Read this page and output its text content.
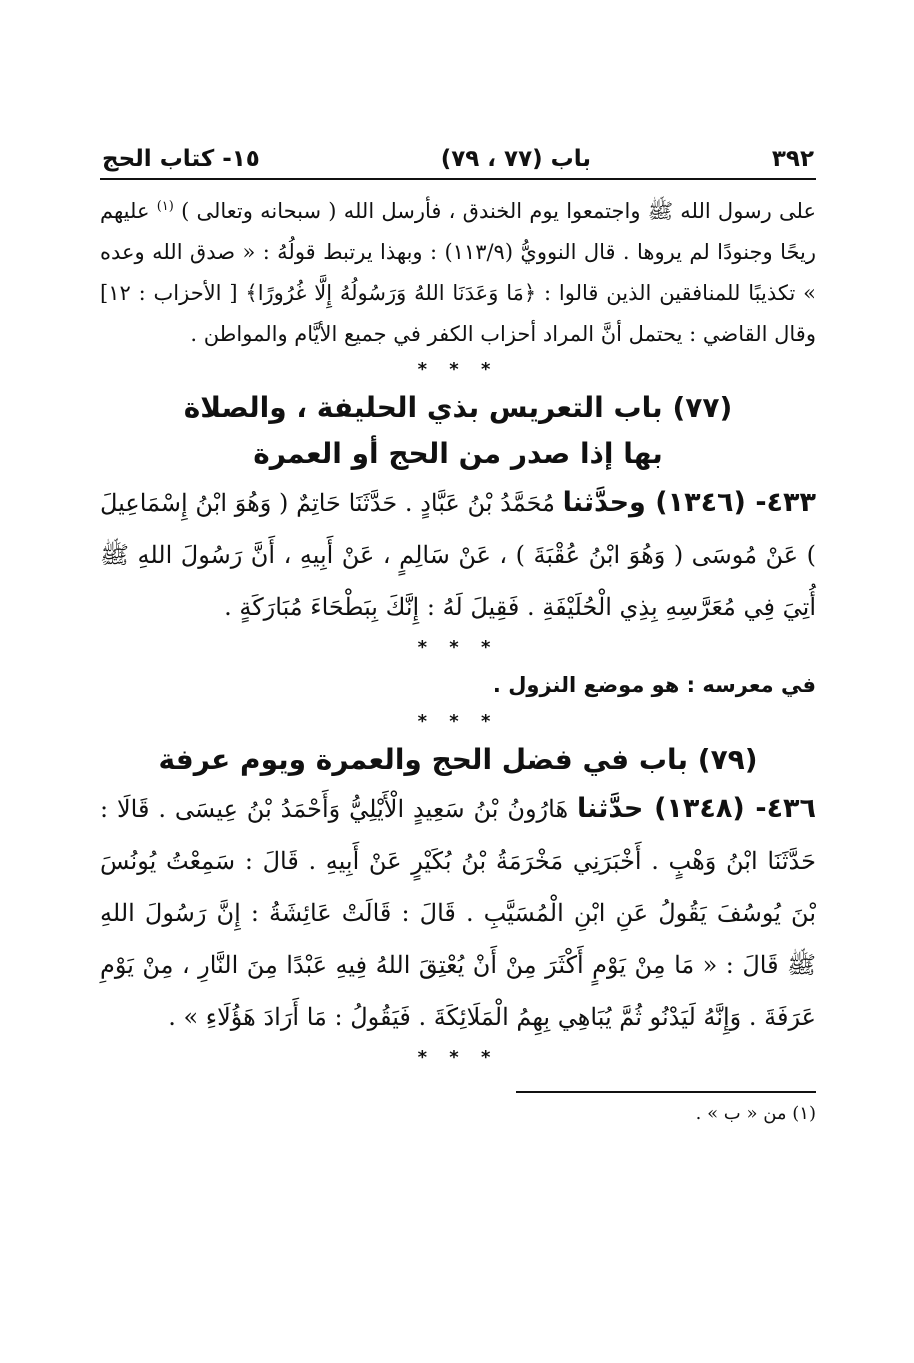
٣٩٢
باب (٧٧ ، ٧٩)
١٥- كتاب الحج
على رسول الله ﷺ واجتمعوا يوم الخندق ، فأرسل الله ( سبحانه وتعالى ) $^{(١)}$ عليهم ريحًا وجنودًا لم يروها . قال النوويُّ (١١٣/٩) : وبهذا يرتبط قولُهُ : « صدق الله وعده » تكذيبًا للمنافقين الذين قالوا : ﴿مَا وَعَدَنَا اللهُ وَرَسُولُهُ إِلَّا غُرُورًا﴾ [ الأحزاب : ١٢] وقال القاضي : يحتمل أنَّ المراد أحزاب الكفر في جميع الأيَّام والمواطن .
* * *
(٧٧) باب التعريس بذي الحليفة ، والصلاة
بها إذا صدر من الحج أو العمرة
٤٣٣- (١٣٤٦) وحدَّثنا مُحَمَّدُ بْنُ عَبَّادٍ . حَدَّثَنَا حَاتِمٌ ( وَهُوَ ابْنُ إِسْمَاعِيلَ ) عَنْ مُوسَى ( وَهُوَ ابْنُ عُقْبَةَ ) ، عَنْ سَالِمٍ ، عَنْ أَبِيهِ ، أَنَّ رَسُولَ اللهِ ﷺ أُتِيَ فِي مُعَرَّسِهِ بِذِي الْحُلَيْفَةِ . فَقِيلَ لَهُ : إِنَّكَ بِبَطْحَاءَ مُبَارَكَةٍ .
* * *
في معرسه : هو موضع النزول .
* * *
(٧٩) باب في فضل الحج والعمرة ويوم عرفة
٤٣٦- (١٣٤٨) حدَّثنا هَارُونُ بْنُ سَعِيدٍ الْأَيْلِيُّ وَأَحْمَدُ بْنُ عِيسَى . قَالَا : حَدَّثَنَا ابْنُ وَهْبٍ . أَخْبَرَنِي مَخْرَمَةُ بْنُ بُكَيْرٍ عَنْ أَبِيهِ . قَالَ : سَمِعْتُ يُونُسَ بْنَ يُوسُفَ يَقُولُ عَنِ ابْنِ الْمُسَيَّبِ . قَالَ : قَالَتْ عَائِشَةُ : إِنَّ رَسُولَ اللهِ ﷺ قَالَ : « مَا مِنْ يَوْمٍ أَكْثَرَ مِنْ أَنْ يُعْتِقَ اللهُ فِيهِ عَبْدًا مِنَ النَّارِ ، مِنْ يَوْمِ عَرَفَةَ . وَإِنَّهُ لَيَدْنُو ثُمَّ يُبَاهِي بِهِمُ الْمَلَائِكَةَ . فَيَقُولُ : مَا أَرَادَ هَؤُلَاءِ » .
* * *
(١) من « ب » .
